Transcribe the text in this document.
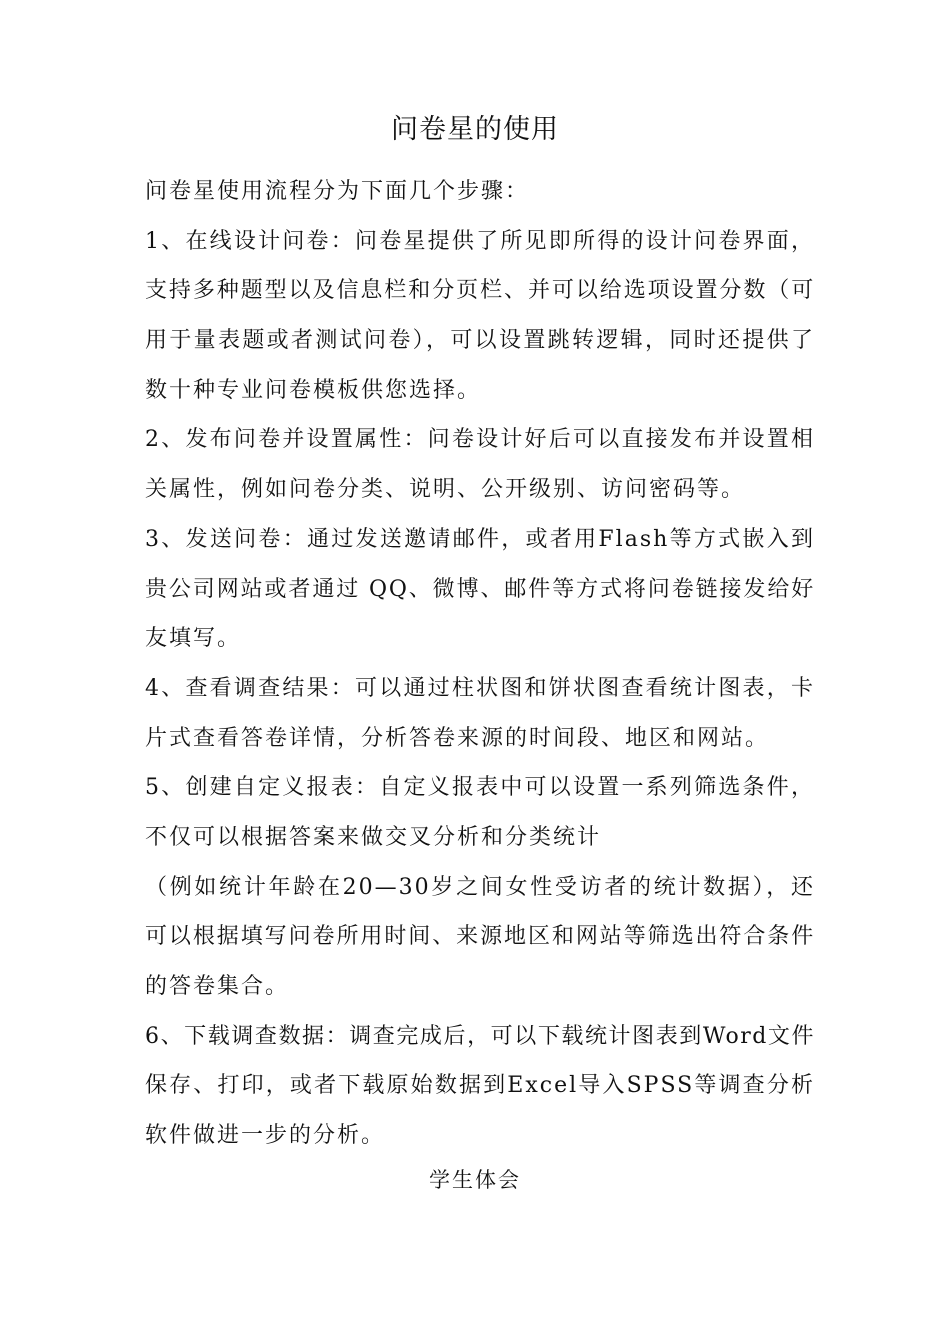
问卷星的使用
问卷星使用流程分为下面几个步骤：
1、在线设计问卷：问卷星提供了所见即所得的设计问卷界面，
支持多种题型以及信息栏和分页栏、并可以给选项设置分数（可
用于量表题或者测试问卷），可以设置跳转逻辑，同时还提供了
数十种专业问卷模板供您选择。
2、发布问卷并设置属性：问卷设计好后可以直接发布并设置相
关属性，例如问卷分类、说明、公开级别、访问密码等。
3、发送问卷：通过发送邀请邮件，或者用Flash等方式嵌入到
贵公司网站或者通过 QQ、微博、邮件等方式将问卷链接发给好
友填写。
4、查看调查结果：可以通过柱状图和饼状图查看统计图表，卡
片式查看答卷详情，分析答卷来源的时间段、地区和网站。
5、创建自定义报表：自定义报表中可以设置一系列筛选条件，
不仅可以根据答案来做交叉分析和分类统计
（例如统计年龄在20—30岁之间女性受访者的统计数据），还
可以根据填写问卷所用时间、来源地区和网站等筛选出符合条件
的答卷集合。
6、下载调查数据：调查完成后，可以下载统计图表到Word文件
保存、打印，或者下载原始数据到Excel导入SPSS等调查分析
软件做进一步的分析。
学生体会
